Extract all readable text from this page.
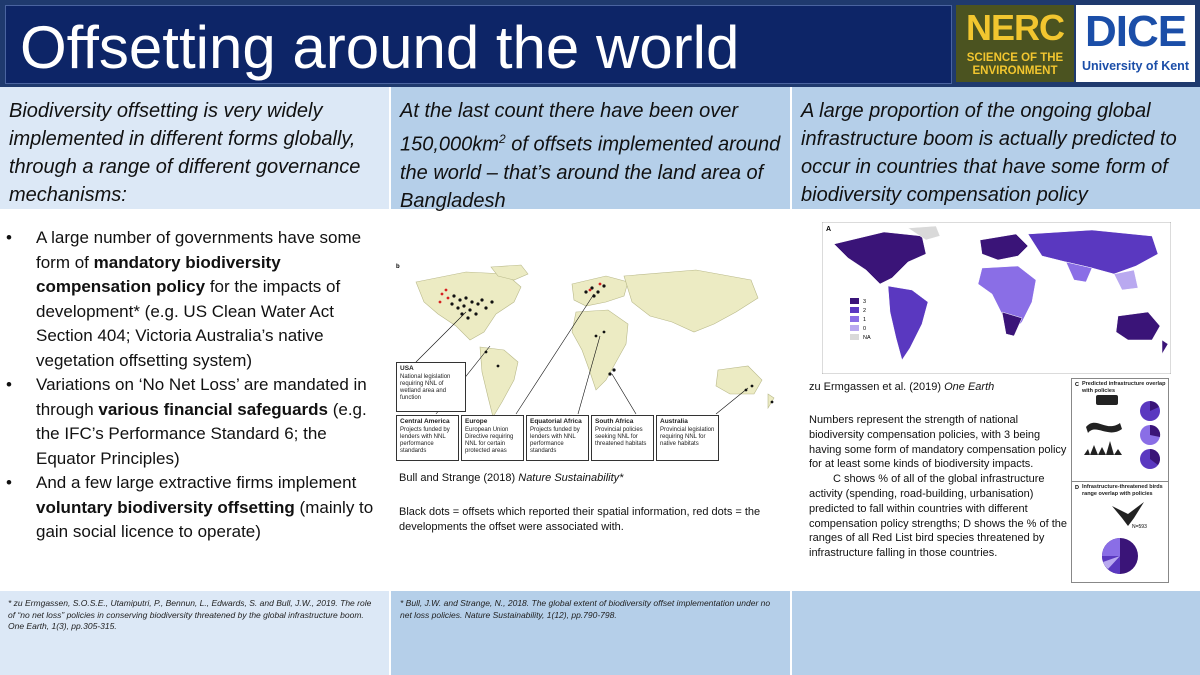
Offsetting around the world	NERC
SCIENCE OF THE
ENVIRONMENT
DICE
University of Kent
Biodiversity offsetting is very widely implemented in different forms globally, through a range of different governance mechanisms:
At the last count there have been over $150,000km^2$ of offsets implemented around the world – that’s around the land area of Bangladesh
A large proportion of the ongoing global infrastructure boom is actually predicted to occur in countries that have some form of biodiversity compensation policy
• A large number of governments have some form of mandatory biodiversity compensation policy for the impacts of development* (e.g. US Clean Water Act Section 404; Victoria Australia’s native vegetation offsetting system)
• Variations on ‘No Net Loss’ are mandated in through various financial safeguards (e.g. the IFC’s Performance Standard 6; the Equator Principles)
• And a few large extractive firms implement voluntary biodiversity offsetting (mainly to gain social licence to operate)
* zu Ermgassen, S.O.S.E., Utamiputri, P., Bennun, L., Edwards, S. and Bull, J.W., 2019. The role of “no net loss” policies in conserving biodiversity threatened by the global infrastructure boom. One Earth, 1(3), pp.305-315.
* Bull, J.W. and Strange, N., 2018. The global extent of biodiversity offset implementation under no net loss policies. Nature Sustainability, 1(12), pp.790-798.
b
USA
National legislation requiring NNL of wetland area and function
Central America
Projects funded by lenders with NNL performance standards
Europe
European Union Directive requiring NNL for certain protected areas
Equatorial Africa
Projects funded by lenders with NNL performance standards
South Africa
Provincial policies seeking NNL for threatened habitats
Australia
Provincial legislation requiring NNL for native habitats
Bull and Strange (2018) Nature Sustainability*
Black dots = offsets which reported their spatial information, red dots = the developments the offset were associated with.
A
3
2
1
0
NA
zu Ermgassen et al. (2019) One Earth
Numbers represent the strength of national biodiversity compensation policies, with 3 being having some form of mandatory compensation policy for at least some kinds of biodiversity impacts.
C shows % of all of the global infrastructure activity (spending, road-building, urbanisation) predicted to fall within countries with different compensation policy strengths; D shows the % of the ranges of all Red List bird species threatened by infrastructure falling in those countries.
C Predicted infrastructure overlap with policies
D
N=593
Infrastructure-threatened birds range overlap with policies
